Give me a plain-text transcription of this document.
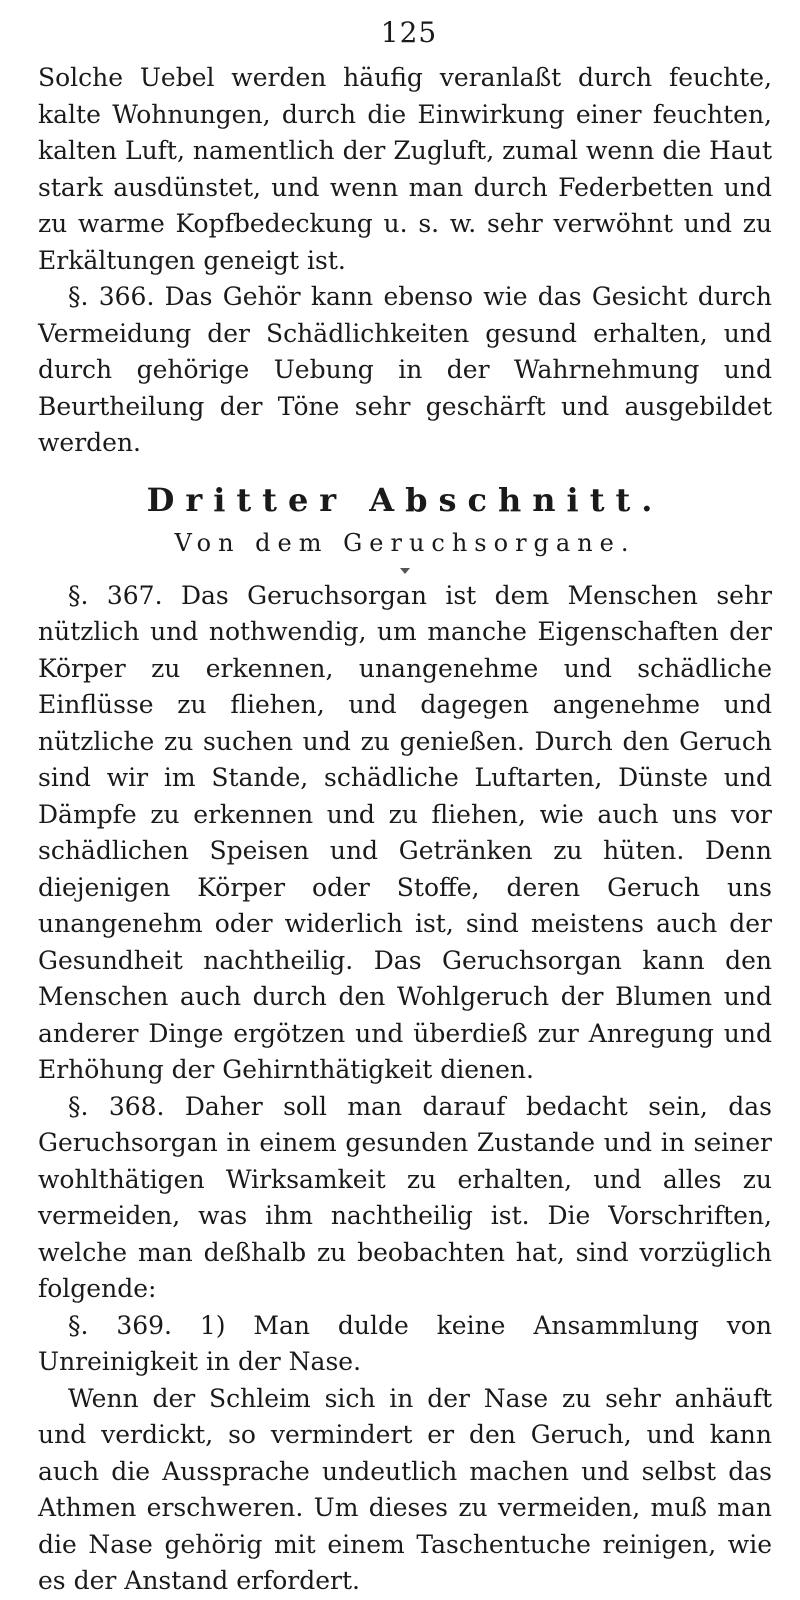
125

Solche Uebel werden häufig veranlaßt durch feuchte, kalte Wohnungen, durch die Einwirkung einer feuchten, kalten Luft, namentlich der Zugluft, zumal wenn die Haut stark ausdünstet, und wenn man durch Federbetten und zu warme Kopfbedeckung u. s. w. sehr verwöhnt und zu Erkältungen geneigt ist.

§. 366. Das Gehör kann ebenso wie das Gesicht durch Vermeidung der Schädlichkeiten gesund erhalten, und durch gehörige Uebung in der Wahrnehmung und Beurtheilung der Töne sehr geschärft und ausgebildet werden.

Dritter Abschnitt.
Von dem Geruchsorgane.

§. 367. Das Geruchsorgan ist dem Menschen sehr nützlich und nothwendig, um manche Eigenschaften der Körper zu erkennen, unangenehme und schädliche Einflüsse zu fliehen, und dagegen angenehme und nützliche zu suchen und zu genießen. Durch den Geruch sind wir im Stande, schädliche Luftarten, Dünste und Dämpfe zu erkennen und zu fliehen, wie auch uns vor schädlichen Speisen und Getränken zu hüten. Denn diejenigen Körper oder Stoffe, deren Geruch uns unangenehm oder widerlich ist, sind meistens auch der Gesundheit nachtheilig. Das Geruchsorgan kann den Menschen auch durch den Wohlgeruch der Blumen und anderer Dinge ergötzen und überdieß zur Anregung und Erhöhung der Gehirnthätigkeit dienen.

§. 368. Daher soll man darauf bedacht sein, das Geruchsorgan in einem gesunden Zustande und in seiner wohlthätigen Wirksamkeit zu erhalten, und alles zu vermeiden, was ihm nachtheilig ist. Die Vorschriften, welche man deßhalb zu beobachten hat, sind vorzüglich folgende:

§. 369. 1) Man dulde keine Ansammlung von Unreinigkeit in der Nase.

Wenn der Schleim sich in der Nase zu sehr anhäuft und verdickt, so vermindert er den Geruch, und kann auch die Aussprache undeutlich machen und selbst das Athmen erschweren. Um dieses zu vermeiden, muß man die Nase gehörig mit einem Taschentuche reinigen, wie es der Anstand erfordert.
